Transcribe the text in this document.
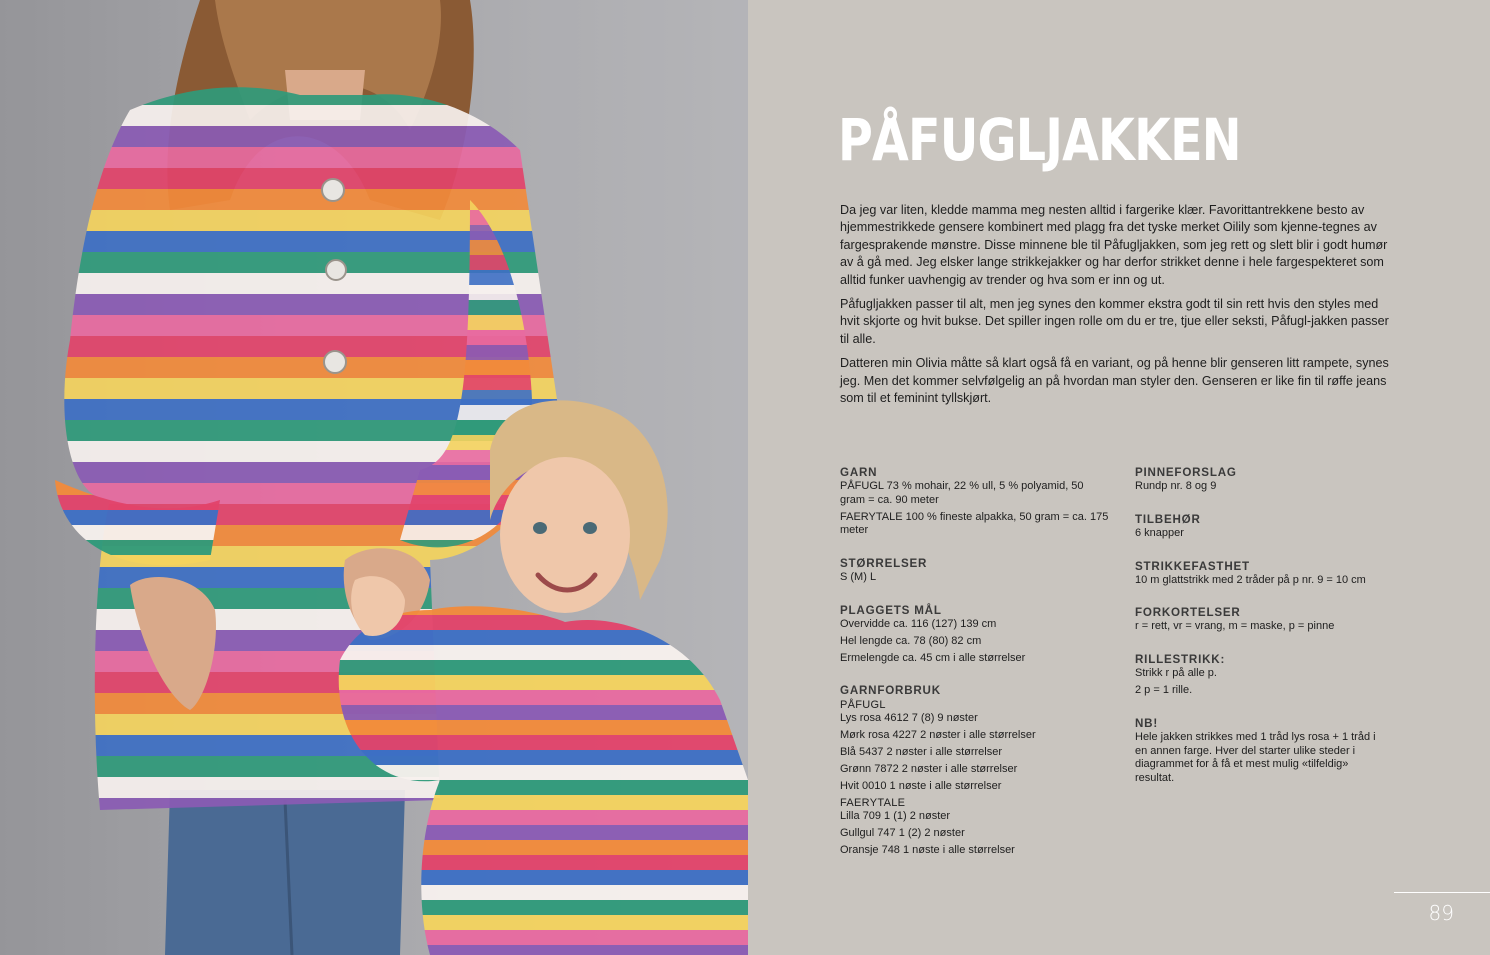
PÅFUGLJAKKEN

Da jeg var liten, kledde mamma meg nesten alltid i fargerike klær. Favorittantrekkene besto av hjemmestrikkede gensere kombinert med plagg fra det tyske merket Oilily som kjenne-tegnes av fargesprakende mønstre. Disse minnene ble til Påfugljakken, som jeg rett og slett blir i godt humør av å gå med. Jeg elsker lange strikkejakker og har derfor strikket denne i hele fargespekteret som alltid funker uavhengig av trender og hva som er inn og ut.

Påfugljakken passer til alt, men jeg synes den kommer ekstra godt til sin rett hvis den styles med hvit skjorte og hvit bukse. Det spiller ingen rolle om du er tre, tjue eller seksti, Påfugl-jakken passer til alle.

Datteren min Olivia måtte så klart også få en variant, og på henne blir genseren litt rampete, synes jeg. Men det kommer selvfølgelig an på hvordan man styler den. Genseren er like fin til røffe jeans som til et feminint tyllskjørt.

GARN

PÅFUGL 73 % mohair, 22 % ull, 5 % polyamid, 50 gram = ca. 90 meter

FAERYTALE 100 % fineste alpakka, 50 gram = ca. 175 meter

STØRRELSER

S (M) L

PLAGGETS MÅL

Overvidde ca. 116 (127) 139 cm

Hel lengde ca. 78 (80) 82 cm

Ermelengde ca. 45 cm i alle størrelser

GARNFORBRUK

PÅFUGL

Lys rosa 4612 7 (8) 9 nøster

Mørk rosa 4227 2 nøster i alle størrelser

Blå 5437 2 nøster i alle størrelser

Grønn 7872 2 nøster i alle størrelser

Hvit 0010 1 nøste i alle størrelser

FAERYTALE

Lilla 709 1 (1) 2 nøster

Gullgul 747 1 (2) 2 nøster

Oransje 748 1 nøste i alle størrelser

PINNEFORSLAG

Rundp nr. 8 og 9

TILBEHØR

6 knapper

STRIKKEFASTHET

10 m glattstrikk med 2 tråder på p nr. 9 = 10 cm

FORKORTELSER

r = rett, vr = vrang, m = maske, p = pinne

RILLESTRIKK:

Strikk r på alle p.

2 p = 1 rille.

NB!

Hele jakken strikkes med 1 tråd lys rosa + 1 tråd i en annen farge. Hver del starter ulike steder i diagrammet for å få et mest mulig «tilfeldig» resultat.

89
